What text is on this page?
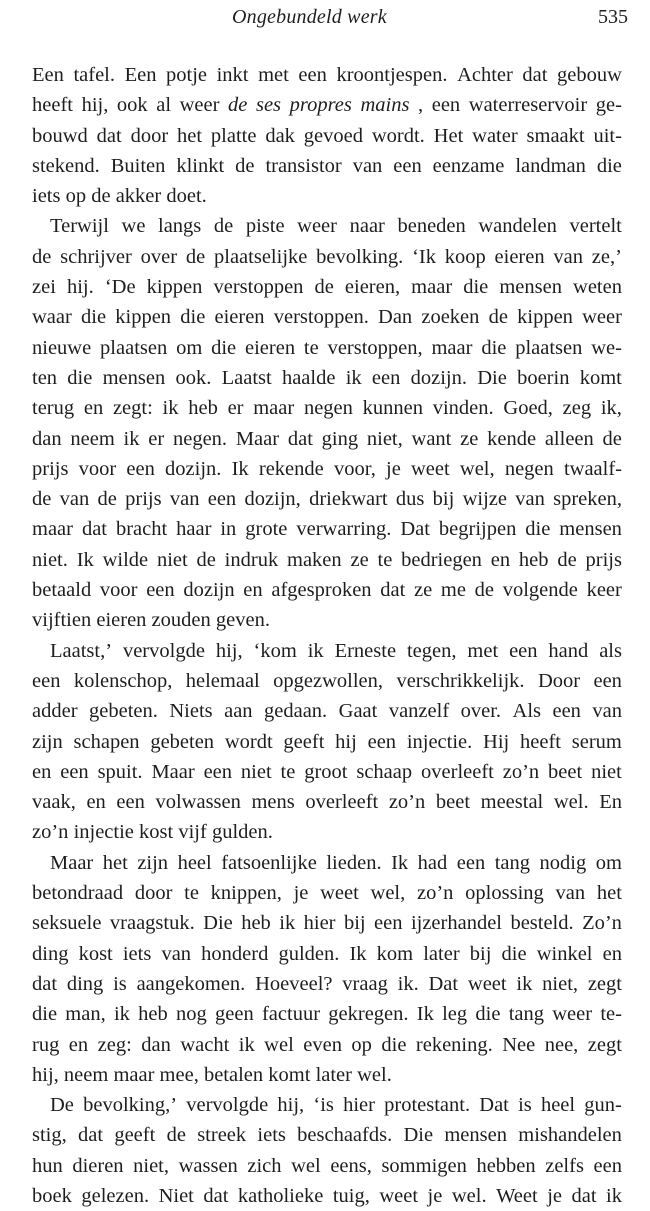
Ongebundeld werk	535
Een tafel. Een potje inkt met een kroontjespen. Achter dat gebouw
heeft hij, ook al weer de ses propres mains , een waterreservoir ge-
bouwd dat door het platte dak gevoed wordt. Het water smaakt uit-
stekend. Buiten klinkt de transistor van een eenzame landman die
iets
op
de
akker
doet.
Terwijl we langs de piste weer naar beneden wandelen vertelt
de schrijver over de plaatselijke bevolking. ‘Ik koop eieren van ze,’
zei hij. ‘De kippen verstoppen de eieren, maar die mensen weten
waar die kippen die eieren verstoppen. Dan zoeken de kippen weer
nieuwe plaatsen om die eieren te verstoppen, maar die plaatsen we-
ten die mensen ook. Laatst haalde ik een dozijn. Die boerin komt
terug en zegt: ik heb er maar negen kunnen vinden. Goed, zeg ik,
dan neem ik er negen. Maar dat ging niet, want ze kende alleen de
prijs voor een dozijn. Ik rekende voor, je weet wel, negen twaalf-
de van de prijs van een dozijn, driekwart dus bij wijze van spreken,
maar dat bracht haar in grote verwarring. Dat begrijpen die mensen
niet. Ik wilde niet de indruk maken ze te bedriegen en heb de prijs
betaald voor een dozijn en afgesproken dat ze me de volgende keer
vijftien
eieren
zouden
geven.
Laatst,’ vervolgde hij, ‘kom ik Erneste tegen, met een hand als
een kolenschop, helemaal opgezwollen, verschrikkelijk. Door een
adder gebeten. Niets aan gedaan. Gaat vanzelf over. Als een van
zijn schapen gebeten wordt geeft hij een injectie. Hij heeft serum
en een spuit. Maar een niet te groot schaap overleeft zo’n beet niet
vaak, en een volwassen mens overleeft zo’n beet meestal wel. En
zo’n
injectie
kost
vijf
gulden.
Maar het zijn heel fatsoenlijke lieden. Ik had een tang nodig om
betondraad door te knippen, je weet wel, zo’n oplossing van het
seksuele vraagstuk. Die heb ik hier bij een ijzerhandel besteld. Zo’n
ding kost iets van honderd gulden. Ik kom later bij die winkel en
dat ding is aangekomen. Hoeveel? vraag ik. Dat weet ik niet, zegt
die man, ik heb nog geen factuur gekregen. Ik leg die tang weer te-
rug en zeg: dan wacht ik wel even op die rekening. Nee nee, zegt
hij,
neem
maar
mee,
betalen
komt
later
wel.
De bevolking,’ vervolgde hij, ‘is hier protestant. Dat is heel gun-
stig, dat geeft de streek iets beschaafds. Die mensen mishandelen
hun dieren niet, wassen zich wel eens, sommigen hebben zelfs een
boek gelezen. Niet dat katholieke tuig, weet je wel. Weet je dat ik
